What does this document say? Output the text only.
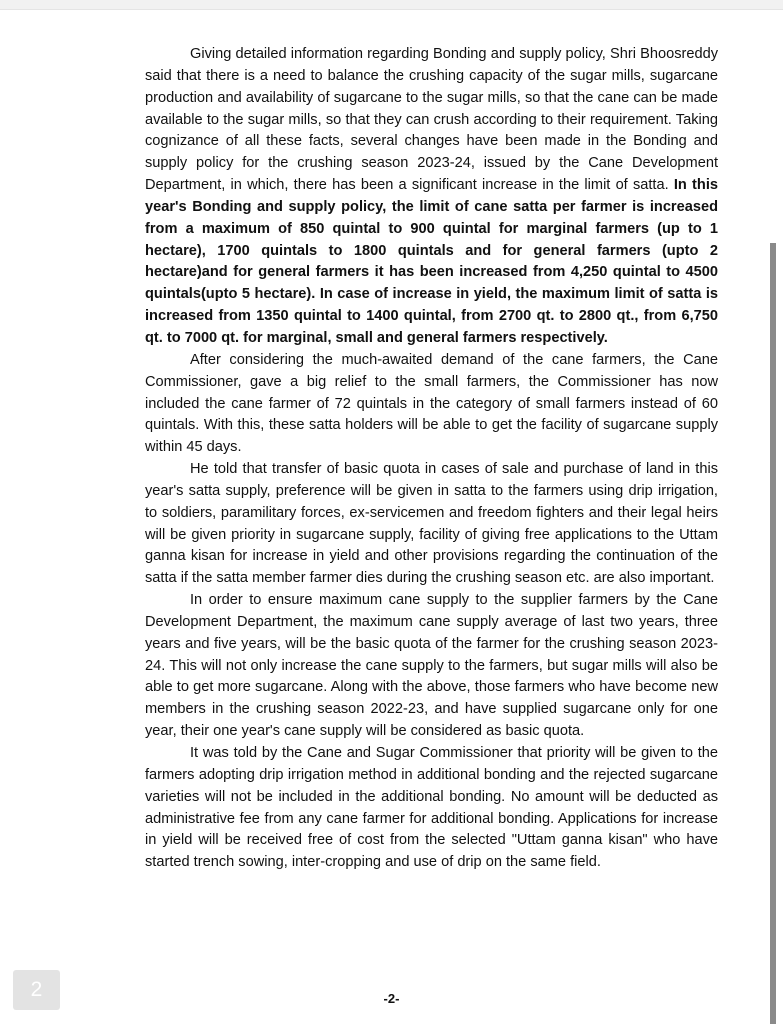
Giving detailed information regarding Bonding and supply policy, Shri Bhoosreddy said that there is a need to balance the crushing capacity of the sugar mills, sugarcane production and availability of sugarcane to the sugar mills, so that the cane can be made available to the sugar mills, so that they can crush according to their requirement. Taking cognizance of all these facts, several changes have been made in the Bonding and supply policy for the crushing season 2023-24, issued by the Cane Development Department, in which, there has been a significant increase in the limit of satta. In this year's Bonding and supply policy, the limit of cane satta per farmer is increased from a maximum of 850 quintal to 900 quintal for marginal farmers (up to 1 hectare), 1700 quintals to 1800 quintals and for general farmers (upto 2 hectare)and for general farmers it has been increased from 4,250 quintal to 4500 quintals(upto 5 hectare). In case of increase in yield, the maximum limit of satta is increased from 1350 quintal to 1400 quintal, from 2700 qt. to 2800 qt., from 6,750 qt. to 7000 qt. for marginal, small and general farmers respectively.

After considering the much-awaited demand of the cane farmers, the Cane Commissioner, gave a big relief to the small farmers, the Commissioner has now included the cane farmer of 72 quintals in the category of small farmers instead of 60 quintals. With this, these satta holders will be able to get the facility of sugarcane supply within 45 days.

He told that transfer of basic quota in cases of sale and purchase of land in this year's satta supply, preference will be given in satta to the farmers using drip irrigation, to soldiers, paramilitary forces, ex-servicemen and freedom fighters and their legal heirs will be given priority in sugarcane supply, facility of giving free applications to the Uttam ganna kisan for increase in yield and other provisions regarding the continuation of the satta if the satta member farmer dies during the crushing season etc. are also important.

In order to ensure maximum cane supply to the supplier farmers by the Cane Development Department, the maximum cane supply average of last two years, three years and five years, will be the basic quota of the farmer for the crushing season 2023-24. This will not only increase the cane supply to the farmers, but sugar mills will also be able to get more sugarcane. Along with the above, those farmers who have become new members in the crushing season 2022-23, and have supplied sugarcane only for one year, their one year's cane supply will be considered as basic quota.

It was told by the Cane and Sugar Commissioner that priority will be given to the farmers adopting drip irrigation method in additional bonding and the rejected sugarcane varieties will not be included in the additional bonding. No amount will be deducted as administrative fee from any cane farmer for additional bonding. Applications for increase in yield will be received free of cost from the selected "Uttam ganna kisan" who have started trench sowing, inter-cropping and use of drip on the same field.

-2-
2
